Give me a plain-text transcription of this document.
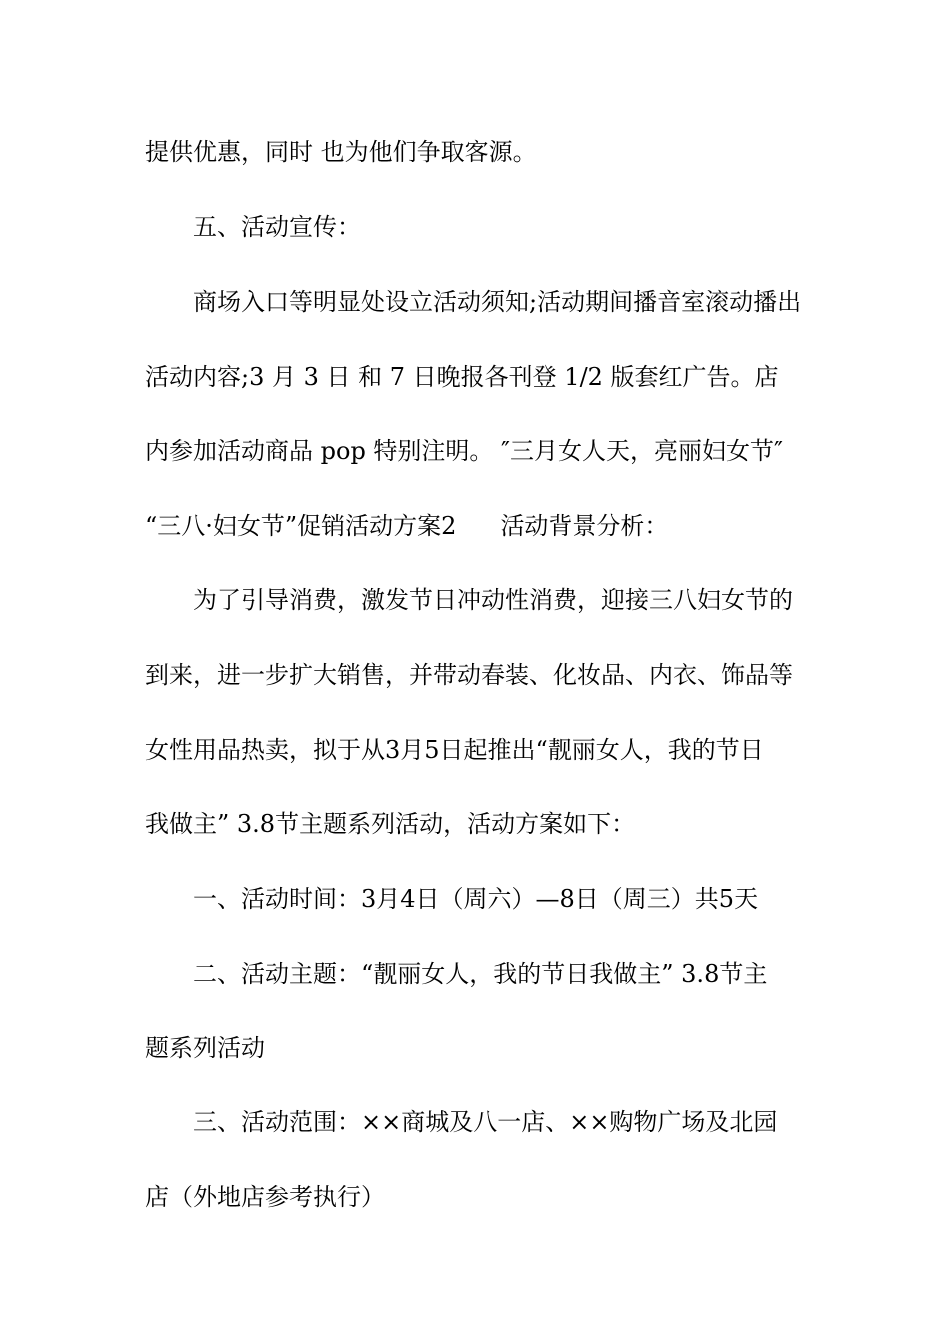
提供优惠，同时 也为他们争取客源。
五、活动宣传：
商场入口等明显处设立活动须知;活动期间播音室滚动播出
活动内容;3 月 3 日 和 7 日晚报各刊登 1/2 版套红广告。店
内参加活动商品 pop 特别注明。 ″三月女人天，亮丽妇女节″
“三八·妇女节”促销活动方案2 活动背景分析：
为了引导消费，激发节日冲动性消费，迎接三八妇女节的
到来，进一步扩大销售，并带动春装、化妆品、内衣、饰品等
女性用品热卖，拟于从3月5日起推出“靓丽女人，我的节日
我做主” 3.8节主题系列活动，活动方案如下：
一、活动时间：3月4日（周六）—8日（周三）共5天
二、活动主题：“靓丽女人，我的节日我做主” 3.8节主
题系列活动
三、活动范围：××商城及八一店、××购物广场及北园
店（外地店参考执行）
